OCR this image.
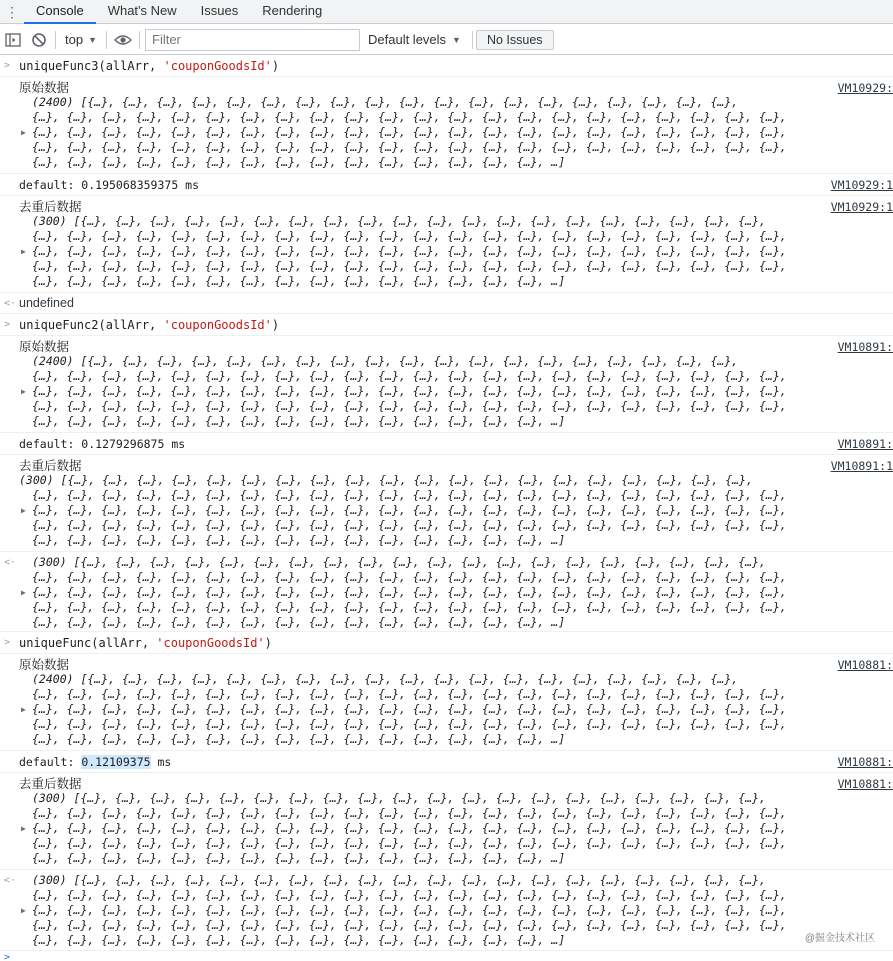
⋮	Console	What's New	Issues	Rendering
top ▼
Filter	Default levels ▼	No Issues
> uniqueFunc3(allArr, 'couponGoodsId')
原始数据	VM10929:
(2400) [{…}, {…}, {…}, {…}, {…}, {…}, {…}, {…}, {…}, {…}, {…}, {…}, {…}, {…}, {…}, {…}, {…}, {…}, {…},
{…}, {…}, {…}, {…}, {…}, {…}, {…}, {…}, {…}, {…}, {…}, {…}, {…}, {…}, {…}, {…}, {…}, {…}, {…}, {…}, {…}, {…},
▶ {…}, {…}, {…}, {…}, {…}, {…}, {…}, {…}, {…}, {…}, {…}, {…}, {…}, {…}, {…}, {…}, {…}, {…}, {…}, {…}, {…}, {…},
{…}, {…}, {…}, {…}, {…}, {…}, {…}, {…}, {…}, {…}, {…}, {…}, {…}, {…}, {…}, {…}, {…}, {…}, {…}, {…}, {…}, {…},
{…}, {…}, {…}, {…}, {…}, {…}, {…}, {…}, {…}, {…}, {…}, {…}, {…}, {…}, {…}, …]
default: 0.195068359375 ms	VM10929:1
去重后数据	VM10929:1
(300) [{…}, {…}, {…}, {…}, {…}, {…}, {…}, {…}, {…}, {…}, {…}, {…}, {…}, {…}, {…}, {…}, {…}, {…}, {…}, {…},
{…}, {…}, {…}, {…}, {…}, {…}, {…}, {…}, {…}, {…}, {…}, {…}, {…}, {…}, {…}, {…}, {…}, {…}, {…}, {…}, {…}, {…},
▶ {…}, {…}, {…}, {…}, {…}, {…}, {…}, {…}, {…}, {…}, {…}, {…}, {…}, {…}, {…}, {…}, {…}, {…}, {…}, {…}, {…}, {…},
{…}, {…}, {…}, {…}, {…}, {…}, {…}, {…}, {…}, {…}, {…}, {…}, {…}, {…}, {…}, {…}, {…}, {…}, {…}, {…}, {…}, {…},
{…}, {…}, {…}, {…}, {…}, {…}, {…}, {…}, {…}, {…}, {…}, {…}, {…}, {…}, {…}, …]
<· undefined
> uniqueFunc2(allArr, 'couponGoodsId')
原始数据	VM10891:
(2400) [{…}, {…}, {…}, {…}, {…}, {…}, {…}, {…}, {…}, {…}, {…}, {…}, {…}, {…}, {…}, {…}, {…}, {…}, {…},
{…}, {…}, {…}, {…}, {…}, {…}, {…}, {…}, {…}, {…}, {…}, {…}, {…}, {…}, {…}, {…}, {…}, {…}, {…}, {…}, {…}, {…},
▶ {…}, {…}, {…}, {…}, {…}, {…}, {…}, {…}, {…}, {…}, {…}, {…}, {…}, {…}, {…}, {…}, {…}, {…}, {…}, {…}, {…}, {…},
{…}, {…}, {…}, {…}, {…}, {…}, {…}, {…}, {…}, {…}, {…}, {…}, {…}, {…}, {…}, {…}, {…}, {…}, {…}, {…}, {…}, {…},
{…}, {…}, {…}, {…}, {…}, {…}, {…}, {…}, {…}, {…}, {…}, {…}, {…}, {…}, {…}, …]
default: 0.1279296875 ms	VM10891:
去重后数据	VM10891:1
(300) [{…}, {…}, {…}, {…}, {…}, {…}, {…}, {…}, {…}, {…}, {…}, {…}, {…}, {…}, {…}, {…}, {…}, {…}, {…}, {…},
{…}, {…}, {…}, {…}, {…}, {…}, {…}, {…}, {…}, {…}, {…}, {…}, {…}, {…}, {…}, {…}, {…}, {…}, {…}, {…}, {…}, {…},
▶ {…}, {…}, {…}, {…}, {…}, {…}, {…}, {…}, {…}, {…}, {…}, {…}, {…}, {…}, {…}, {…}, {…}, {…}, {…}, {…}, {…}, {…},
{…}, {…}, {…}, {…}, {…}, {…}, {…}, {…}, {…}, {…}, {…}, {…}, {…}, {…}, {…}, {…}, {…}, {…}, {…}, {…}, {…}, {…},
{…}, {…}, {…}, {…}, {…}, {…}, {…}, {…}, {…}, {…}, {…}, {…}, {…}, {…}, {…}, …]
<· (300) [{…}, {…}, {…}, {…}, {…}, {…}, {…}, {…}, {…}, {…}, {…}, {…}, {…}, {…}, {…}, {…}, {…}, {…}, {…}, {…},
{…}, {…}, {…}, {…}, {…}, {…}, {…}, {…}, {…}, {…}, {…}, {…}, {…}, {…}, {…}, {…}, {…}, {…}, {…}, {…}, {…}, {…},
▶ {…}, {…}, {…}, {…}, {…}, {…}, {…}, {…}, {…}, {…}, {…}, {…}, {…}, {…}, {…}, {…}, {…}, {…}, {…}, {…}, {…}, {…},
{…}, {…}, {…}, {…}, {…}, {…}, {…}, {…}, {…}, {…}, {…}, {…}, {…}, {…}, {…}, {…}, {…}, {…}, {…}, {…}, {…}, {…},
{…}, {…}, {…}, {…}, {…}, {…}, {…}, {…}, {…}, {…}, {…}, {…}, {…}, {…}, {…}, …]
> uniqueFunc(allArr, 'couponGoodsId')
原始数据	VM10881:
(2400) [{…}, {…}, {…}, {…}, {…}, {…}, {…}, {…}, {…}, {…}, {…}, {…}, {…}, {…}, {…}, {…}, {…}, {…}, {…},
{…}, {…}, {…}, {…}, {…}, {…}, {…}, {…}, {…}, {…}, {…}, {…}, {…}, {…}, {…}, {…}, {…}, {…}, {…}, {…}, {…}, {…},
▶ {…}, {…}, {…}, {…}, {…}, {…}, {…}, {…}, {…}, {…}, {…}, {…}, {…}, {…}, {…}, {…}, {…}, {…}, {…}, {…}, {…}, {…},
{…}, {…}, {…}, {…}, {…}, {…}, {…}, {…}, {…}, {…}, {…}, {…}, {…}, {…}, {…}, {…}, {…}, {…}, {…}, {…}, {…}, {…},
{…}, {…}, {…}, {…}, {…}, {…}, {…}, {…}, {…}, {…}, {…}, {…}, {…}, {…}, {…}, …]
default: 0.12109375 ms	VM10881:
去重后数据	VM10881:
(300) [{…}, {…}, {…}, {…}, {…}, {…}, {…}, {…}, {…}, {…}, {…}, {…}, {…}, {…}, {…}, {…}, {…}, {…}, {…}, {…},
{…}, {…}, {…}, {…}, {…}, {…}, {…}, {…}, {…}, {…}, {…}, {…}, {…}, {…}, {…}, {…}, {…}, {…}, {…}, {…}, {…}, {…},
▶ {…}, {…}, {…}, {…}, {…}, {…}, {…}, {…}, {…}, {…}, {…}, {…}, {…}, {…}, {…}, {…}, {…}, {…}, {…}, {…}, {…}, {…},
{…}, {…}, {…}, {…}, {…}, {…}, {…}, {…}, {…}, {…}, {…}, {…}, {…}, {…}, {…}, {…}, {…}, {…}, {…}, {…}, {…}, {…},
{…}, {…}, {…}, {…}, {…}, {…}, {…}, {…}, {…}, {…}, {…}, {…}, {…}, {…}, {…}, …]
<· (300) [{…}, {…}, {…}, {…}, {…}, {…}, {…}, {…}, {…}, {…}, {…}, {…}, {…}, {…}, {…}, {…}, {…}, {…}, {…}, {…},
{…}, {…}, {…}, {…}, {…}, {…}, {…}, {…}, {…}, {…}, {…}, {…}, {…}, {…}, {…}, {…}, {…}, {…}, {…}, {…}, {…}, {…},
▶ {…}, {…}, {…}, {…}, {…}, {…}, {…}, {…}, {…}, {…}, {…}, {…}, {…}, {…}, {…}, {…}, {…}, {…}, {…}, {…}, {…}, {…},
{…}, {…}, {…}, {…}, {…}, {…}, {…}, {…}, {…}, {…}, {…}, {…}, {…}, {…}, {…}, {…}, {…}, {…}, {…}, {…}, {…}, {…},
{…}, {…}, {…}, {…}, {…}, {…}, {…}, {…}, {…}, {…}, {…}, {…}, {…}, {…}, {…}, …]
>
@掘金技术社区
